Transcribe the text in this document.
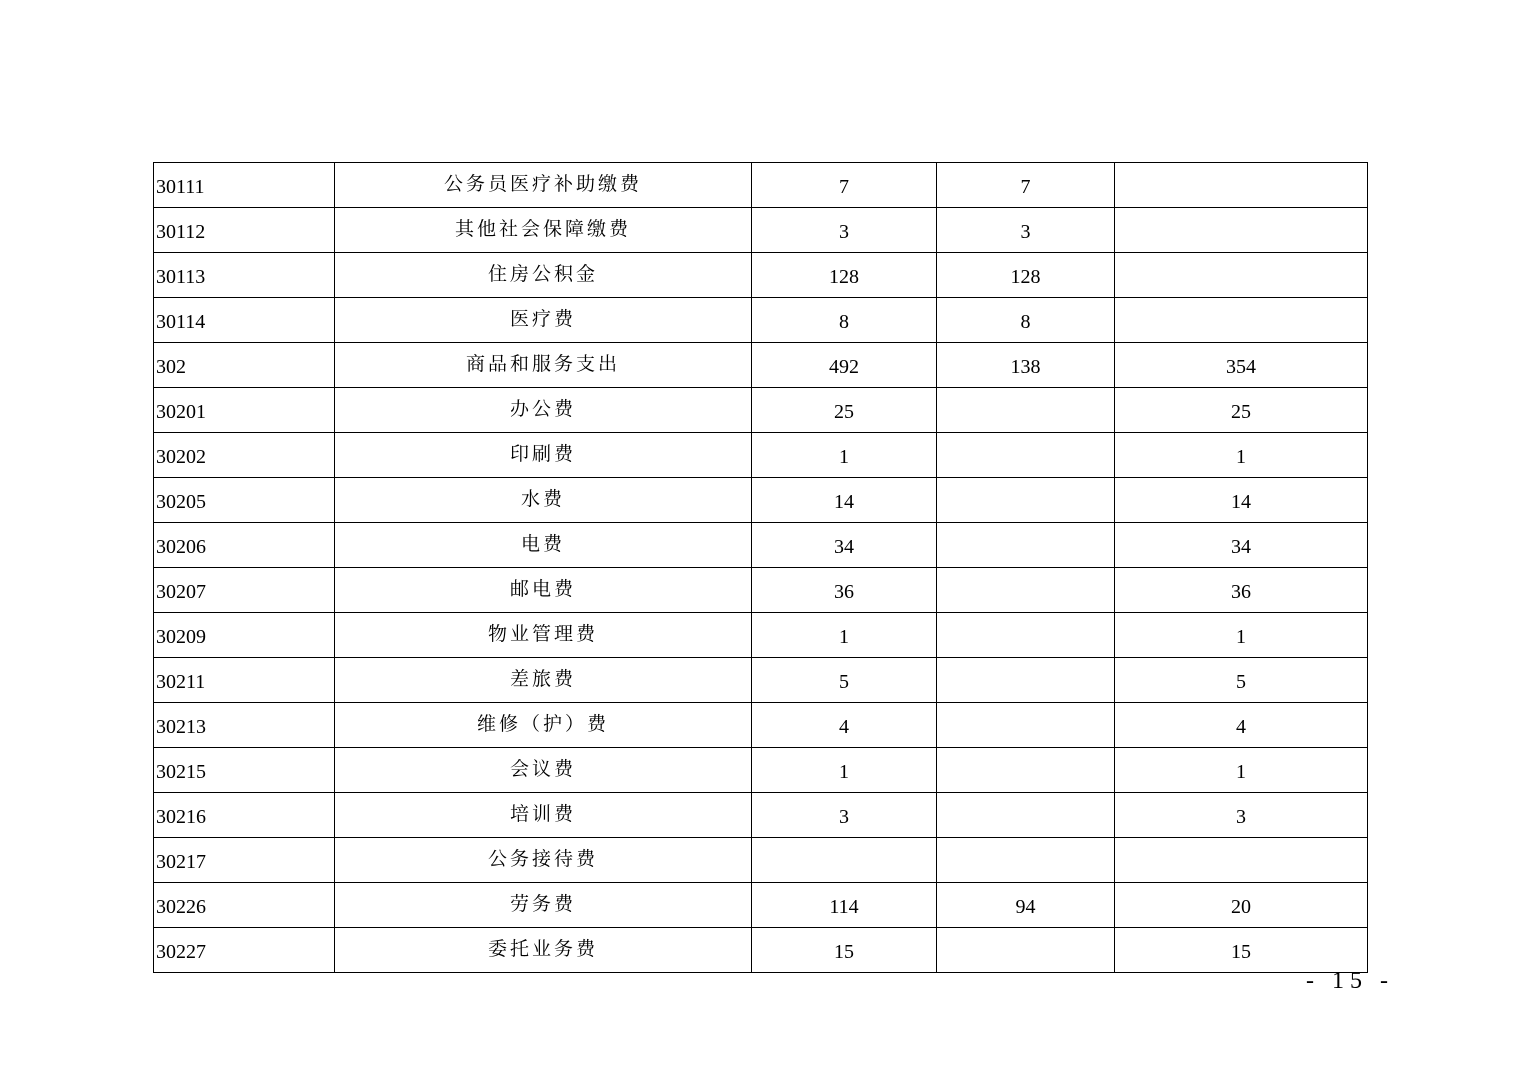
30111	公务员医疗补助缴费	7	7	
30112	其他社会保障缴费	3	3	
30113	住房公积金	128	128	
30114	医疗费	8	8	
302	商品和服务支出	492	138	354
30201	办公费	25		25
30202	印刷费	1		1
30205	水费	14		14
30206	电费	34		34
30207	邮电费	36		36
30209	物业管理费	1		1
30211	差旅费	5		5
30213	维修（护）费	4		4
30215	会议费	1		1
30216	培训费	3		3
30217	公务接待费			
30226	劳务费	114	94	20
30227	委托业务费	15		15
- 15 -
